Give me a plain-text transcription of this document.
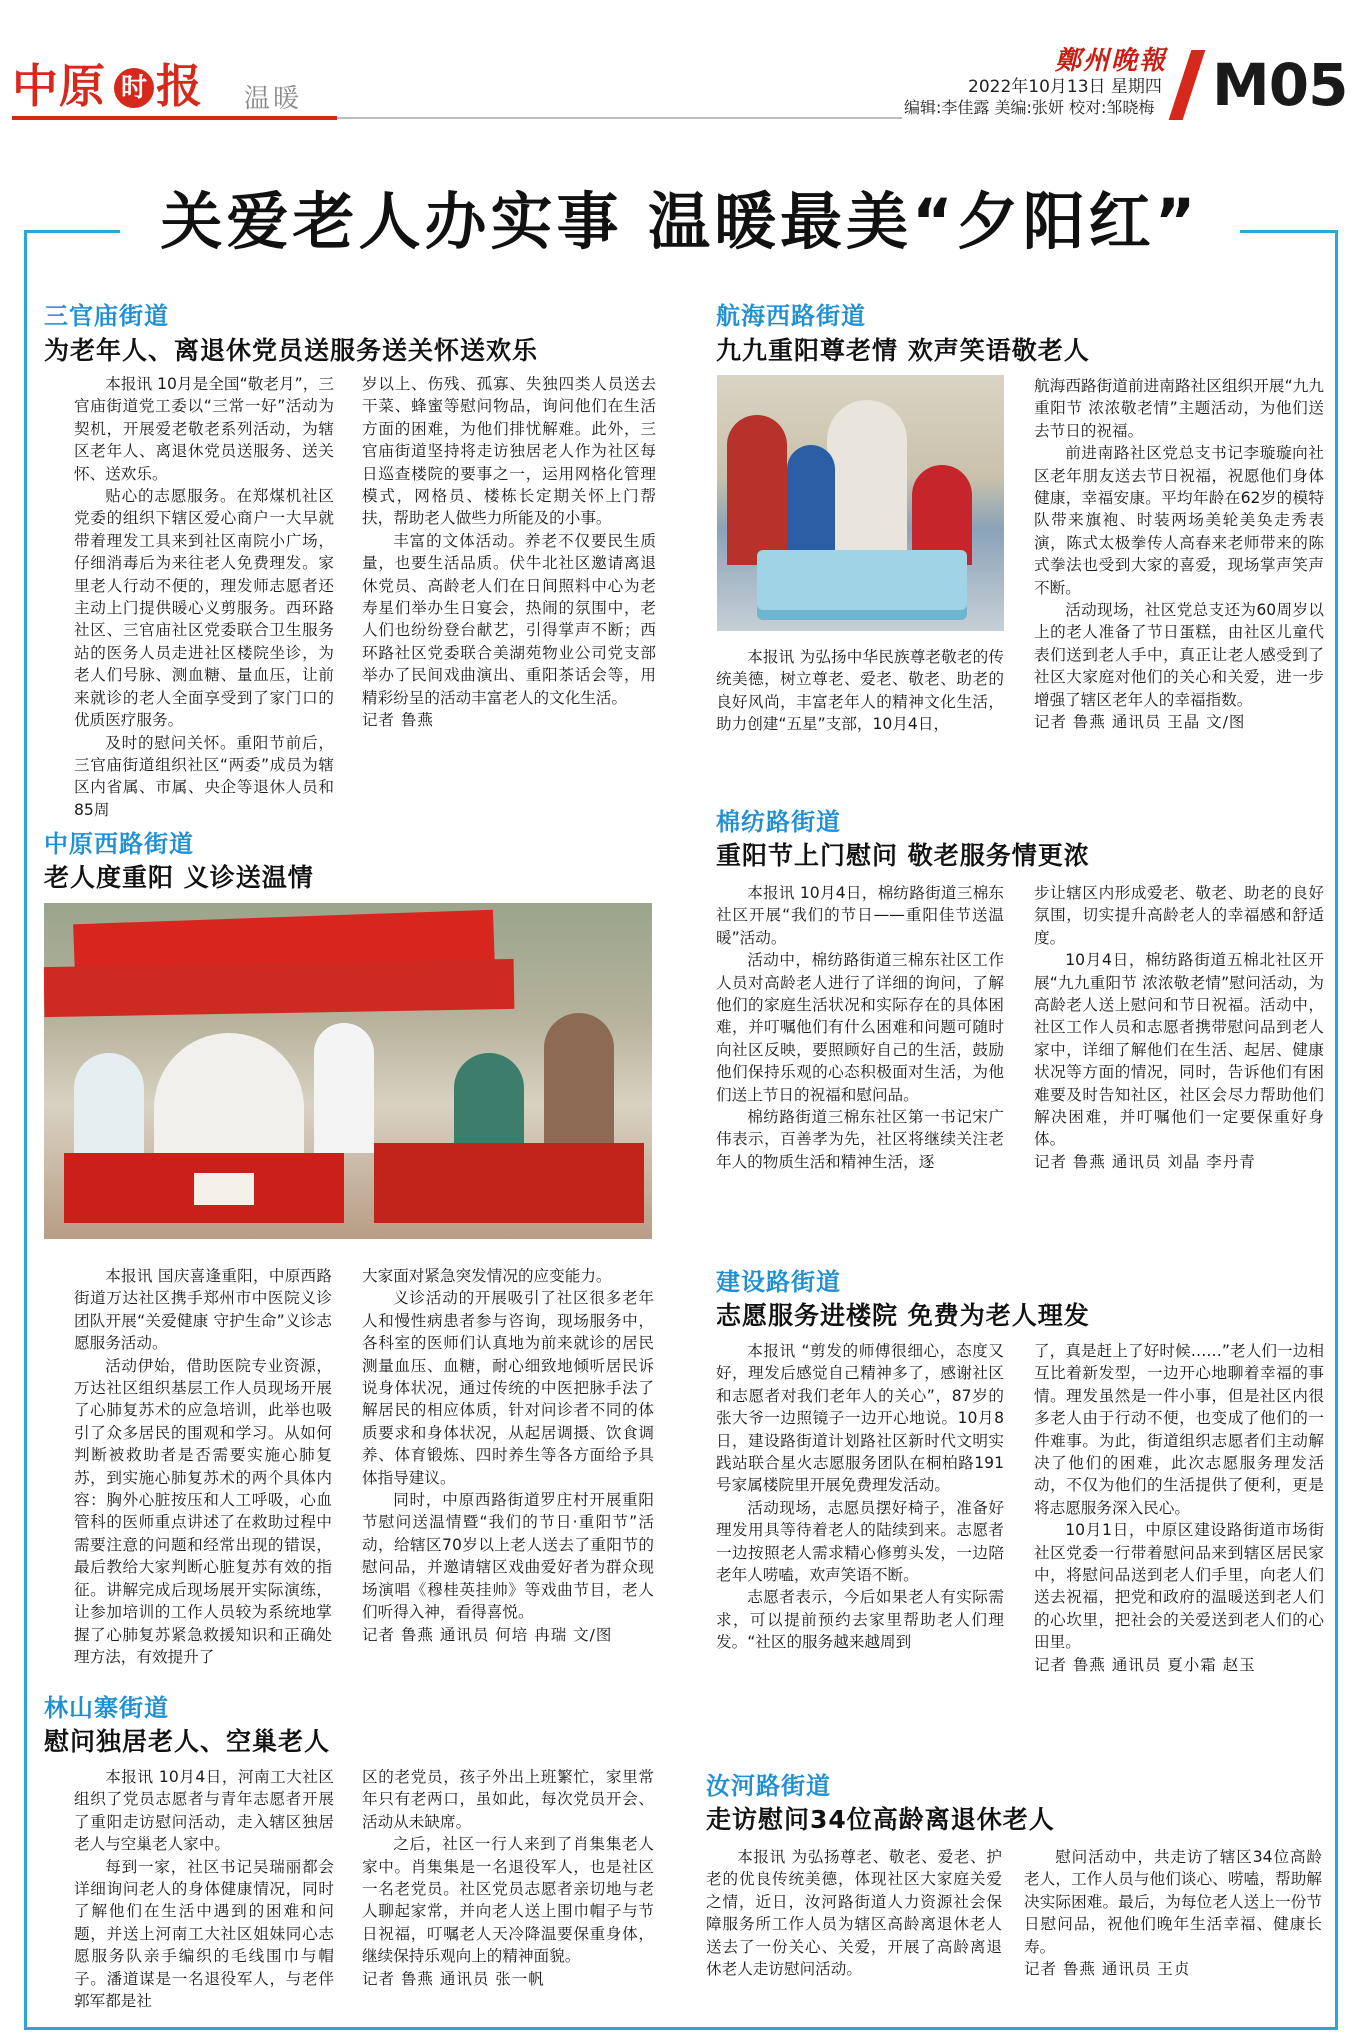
中原 时 报 温暖
鄭州晚報
2022年10月13日 星期四
编辑:李佳露 美编:张妍 校对:邹晓梅 M05
关爱老人办实事 温暖最美“夕阳红”
三官庙街道
为老年人、离退休党员送服务送关怀送欢乐

本报讯 10月是全国“敬老月”，三官庙街道党工委以“三常一好”活动为契机，开展爱老敬老系列活动，为辖区老年人、离退休党员送服务、送关怀、送欢乐。

贴心的志愿服务。在郑煤机社区党委的组织下辖区爱心商户一大早就带着理发工具来到社区南院小广场，仔细消毒后为来往老人免费理发。家里老人行动不便的，理发师志愿者还主动上门提供暖心义剪服务。西环路社区、三官庙社区党委联合卫生服务站的医务人员走进社区楼院坐诊，为老人们号脉、测血糖、量血压，让前来就诊的老人全面享受到了家门口的优质医疗服务。

及时的慰问关怀。重阳节前后，三官庙街道组织社区“两委”成员为辖区内省属、市属、央企等退休人员和85周

岁以上、伤残、孤寡、失独四类人员送去干菜、蜂蜜等慰问物品，询问他们在生活方面的困难，为他们排忧解难。此外，三官庙街道坚持将走访独居老人作为社区每日巡查楼院的要事之一，运用网格化管理模式，网格员、楼栋长定期关怀上门帮扶，帮助老人做些力所能及的小事。

丰富的文体活动。养老不仅要民生质量，也要生活品质。伏牛北社区邀请离退休党员、高龄老人们在日间照料中心为老寿星们举办生日宴会，热闹的氛围中，老人们也纷纷登台献艺，引得掌声不断；西环路社区党委联合美湖苑物业公司党支部举办了民间戏曲演出、重阳茶话会等，用精彩纷呈的活动丰富老人的文化生活。

记者 鲁燕
航海西路街道
九九重阳尊老情 欢声笑语敬老人

本报讯 为弘扬中华民族尊老敬老的传统美德，树立尊老、爱老、敬老、助老的良好风尚，丰富老年人的精神文化生活，助力创建“五星”支部，10月4日，

航海西路街道前进南路社区组织开展“九九重阳节 浓浓敬老情”主题活动，为他们送去节日的祝福。

前进南路社区党总支书记李璇璇向社区老年朋友送去节日祝福，祝愿他们身体健康，幸福安康。平均年龄在62岁的模特队带来旗袍、时装两场美轮美奂走秀表演，陈式太极拳传人高春来老师带来的陈式拳法也受到大家的喜爱，现场掌声笑声不断。

活动现场，社区党总支还为60周岁以上的老人准备了节日蛋糕，由社区儿童代表们送到老人手中，真正让老人感受到了社区大家庭对他们的关心和关爱，进一步增强了辖区老年人的幸福指数。

记者 鲁燕 通讯员 王晶 文/图
中原西路街道
老人度重阳 义诊送温情

本报讯 国庆喜逢重阳，中原西路街道万达社区携手郑州市中医院义诊团队开展“关爱健康 守护生命”义诊志愿服务活动。

活动伊始，借助医院专业资源，万达社区组织基层工作人员现场开展了心肺复苏术的应急培训，此举也吸引了众多居民的围观和学习。从如何判断被救助者是否需要实施心肺复苏，到实施心肺复苏术的两个具体内容：胸外心脏按压和人工呼吸，心血管科的医师重点讲述了在救助过程中需要注意的问题和经常出现的错误，最后教给大家判断心脏复苏有效的指征。讲解完成后现场展开实际演练，让参加培训的工作人员较为系统地掌握了心肺复苏紧急救援知识和正确处理方法，有效提升了

大家面对紧急突发情况的应变能力。

义诊活动的开展吸引了社区很多老年人和慢性病患者参与咨询，现场服务中，各科室的医师们认真地为前来就诊的居民测量血压、血糖，耐心细致地倾听居民诉说身体状况，通过传统的中医把脉手法了解居民的相应体质，针对问诊者不同的体质要求和身体状况，从起居调摄、饮食调养、体育锻炼、四时养生等各方面给予具体指导建议。

同时，中原西路街道罗庄村开展重阳节慰问送温情暨“我们的节日·重阳节”活动，给辖区70岁以上老人送去了重阳节的慰问品，并邀请辖区戏曲爱好者为群众现场演唱《穆桂英挂帅》等戏曲节目，老人们听得入神，看得喜悦。

记者 鲁燕 通讯员 何培 冉瑞 文/图
棉纺路街道
重阳节上门慰问 敬老服务情更浓

本报讯 10月4日，棉纺路街道三棉东社区开展“我们的节日——重阳佳节送温暖”活动。

活动中，棉纺路街道三棉东社区工作人员对高龄老人进行了详细的询问，了解他们的家庭生活状况和实际存在的具体困难，并叮嘱他们有什么困难和问题可随时向社区反映，要照顾好自己的生活，鼓励他们保持乐观的心态积极面对生活，为他们送上节日的祝福和慰问品。

棉纺路街道三棉东社区第一书记宋广伟表示，百善孝为先，社区将继续关注老年人的物质生活和精神生活，逐

步让辖区内形成爱老、敬老、助老的良好氛围，切实提升高龄老人的幸福感和舒适度。

10月4日，棉纺路街道五棉北社区开展“九九重阳节 浓浓敬老情”慰问活动，为高龄老人送上慰问和节日祝福。活动中，社区工作人员和志愿者携带慰问品到老人家中，详细了解他们在生活、起居、健康状况等方面的情况，同时，告诉他们有困难要及时告知社区，社区会尽力帮助他们解决困难，并叮嘱他们一定要保重好身体。

记者 鲁燕 通讯员 刘晶 李丹青
建设路街道
志愿服务进楼院 免费为老人理发

本报讯 “剪发的师傅很细心，态度又好，理发后感觉自己精神多了，感谢社区和志愿者对我们老年人的关心”，87岁的张大爷一边照镜子一边开心地说。10月8日，建设路街道计划路社区新时代文明实践站联合星火志愿服务团队在桐柏路191号家属楼院里开展免费理发活动。

活动现场，志愿员摆好椅子，准备好理发用具等待着老人的陆续到来。志愿者一边按照老人需求精心修剪头发，一边陪老年人唠嗑，欢声笑语不断。

志愿者表示，今后如果老人有实际需求，可以提前预约去家里帮助老人们理发。“社区的服务越来越周到

了，真是赶上了好时候……”老人们一边相互比着新发型，一边开心地聊着幸福的事情。理发虽然是一件小事，但是社区内很多老人由于行动不便，也变成了他们的一件难事。为此，街道组织志愿者们主动解决了他们的困难，此次志愿服务理发活动，不仅为他们的生活提供了便利，更是将志愿服务深入民心。

10月1日，中原区建设路街道市场街社区党委一行带着慰问品来到辖区居民家中，将慰问品送到老人们手里，向老人们送去祝福，把党和政府的温暖送到老人们的心坎里，把社会的关爱送到老人们的心田里。

记者 鲁燕 通讯员 夏小霜 赵玉
林山寨街道
慰问独居老人、空巢老人

本报讯 10月4日，河南工大社区组织了党员志愿者与青年志愿者开展了重阳走访慰问活动，走入辖区独居老人与空巢老人家中。

每到一家，社区书记吴瑞丽都会详细询问老人的身体健康情况，同时了解他们在生活中遇到的困难和问题，并送上河南工大社区姐妹同心志愿服务队亲手编织的毛线围巾与帽子。潘道谋是一名退役军人，与老伴郭军都是社

区的老党员，孩子外出上班繁忙，家里常年只有老两口，虽如此，每次党员开会、活动从未缺席。

之后，社区一行人来到了肖集集老人家中。肖集集是一名退役军人，也是社区一名老党员。社区党员志愿者亲切地与老人聊起家常，并向老人送上围巾帽子与节日祝福，叮嘱老人天冷降温要保重身体，继续保持乐观向上的精神面貌。

记者 鲁燕 通讯员 张一帆
汝河路街道
走访慰问34位高龄离退休老人

本报讯 为弘扬尊老、敬老、爱老、护老的优良传统美德，体现社区大家庭关爱之情，近日，汝河路街道人力资源社会保障服务所工作人员为辖区高龄离退休老人送去了一份关心、关爱，开展了高龄离退休老人走访慰问活动。

慰问活动中，共走访了辖区34位高龄老人，工作人员与他们谈心、唠嗑，帮助解决实际困难。最后，为每位老人送上一份节日慰问品，祝他们晚年生活幸福、健康长寿。

记者 鲁燕 通讯员 王贞
